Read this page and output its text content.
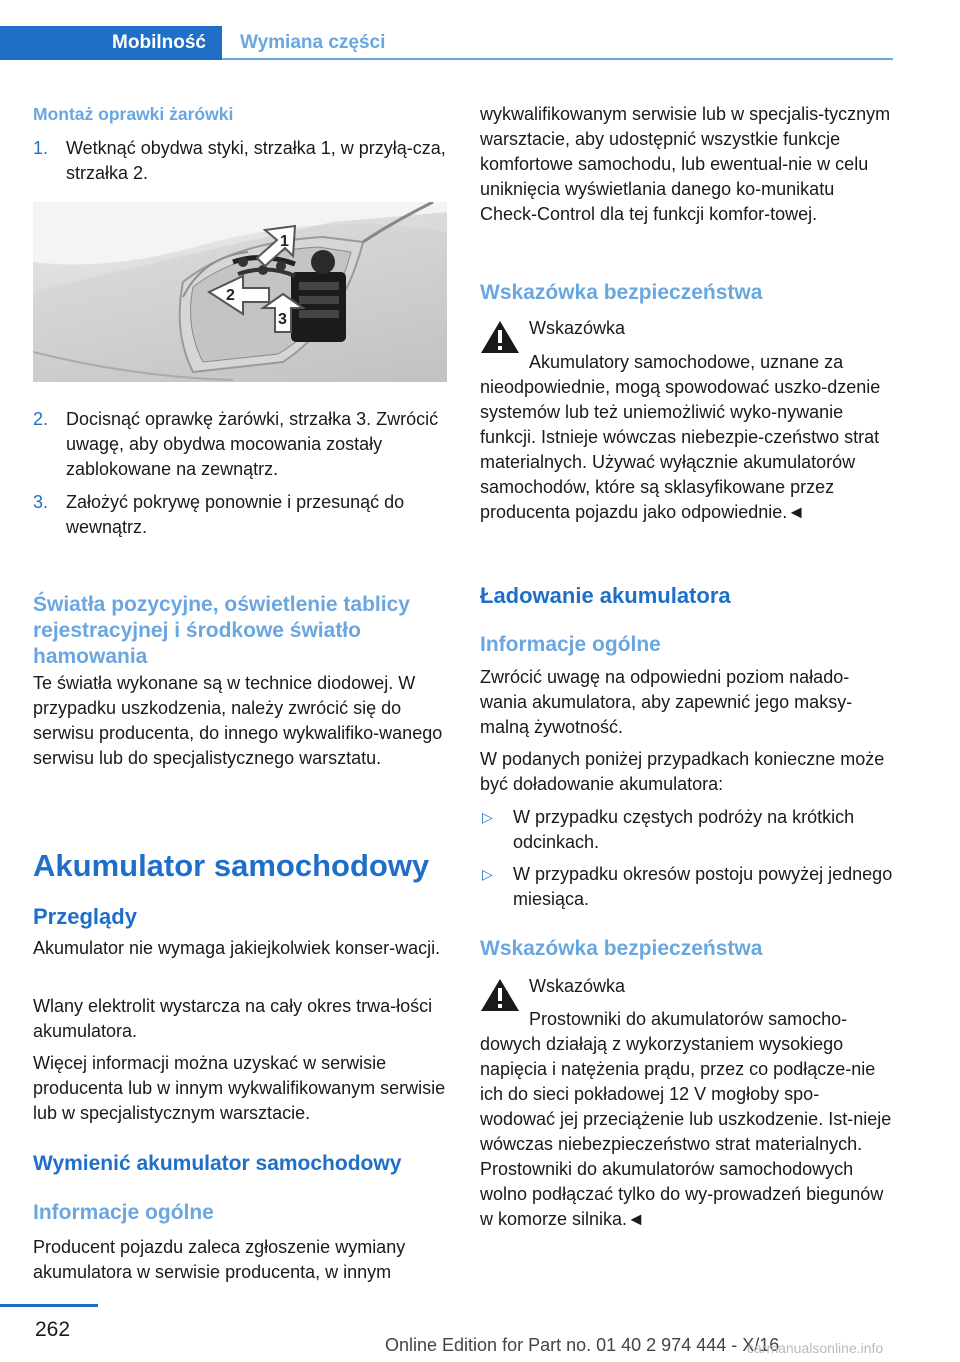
Mobilność	Wymiana części
Montaż oprawki żarówki
1. Wetknąć obydwa styki, strzałka 1, w przyłą-cza, strzałka 2.
1
2
3
2. Docisnąć oprawkę żarówki, strzałka 3. Zwrócić uwagę, aby obydwa mocowania zostały zablokowane na zewnątrz.
3. Założyć pokrywę ponownie i przesunąć do wewnątrz.
Światła pozycyjne, oświetlenie tablicy rejestracyjnej i środkowe światło hamowania
Te światła wykonane są w technice diodowej. W przypadku uszkodzenia, należy zwrócić się do serwisu producenta, do innego wykwalifiko-wanego serwisu lub do specjalistycznego warsztatu.
Akumulator samochodowy
Przeglądy
Akumulator nie wymaga jakiejkolwiek konser-wacji.
Wlany elektrolit wystarcza na cały okres trwa-łości akumulatora.
Więcej informacji można uzyskać w serwisie producenta lub w innym wykwalifikowanym serwisie lub w specjalistycznym warsztacie.
Wymienić akumulator samochodowy
Informacje ogólne
Producent pojazdu zaleca zgłoszenie wymiany akumulatora w serwisie producenta, w innym
wykwalifikowanym serwisie lub w specjalis-tycznym warsztacie, aby udostępnić wszystkie funkcje komfortowe samochodu, lub ewentual-nie w celu uniknięcia wyświetlania danego ko-munikatu Check-Control dla tej funkcji komfor-towej.
Wskazówka bezpieczeństwa
Wskazówka
Akumulatory samochodowe, uznane za nieodpowiednie, mogą spowodować uszko-dzenie systemów lub też uniemożliwić wyko-nywanie funkcji. Istnieje wówczas niebezpie-czeństwo strat materialnych. Używać wyłącznie akumulatorów samochodów, które są sklasyfikowane przez producenta pojazdu jako odpowiednie.◄
Ładowanie akumulatora
Informacje ogólne
Zwrócić uwagę na odpowiedni poziom nałado-wania akumulatora, aby zapewnić jego maksy-malną żywotność.
W podanych poniżej przypadkach konieczne może być doładowanie akumulatora:
▷ W przypadku częstych podróży na krótkich odcinkach.
▷ W przypadku okresów postoju powyżej jednego miesiąca.
Wskazówka bezpieczeństwa
Wskazówka
Prostowniki do akumulatorów samocho-dowych działają z wykorzystaniem wysokiego napięcia i natężenia prądu, przez co podłącze-nie ich do sieci pokładowej 12 V mogłoby spo-wodować jej przeciążenie lub uszkodzenie. Ist-nieje wówczas niebezpieczeństwo strat materialnych. Prostowniki do akumulatorów samochodowych wolno podłączać tylko do wy-prowadzeń biegunów w komorze silnika.◄
262
Online Edition for Part no. 01 40 2 974 444 - X/16
carmanualsonline.info
